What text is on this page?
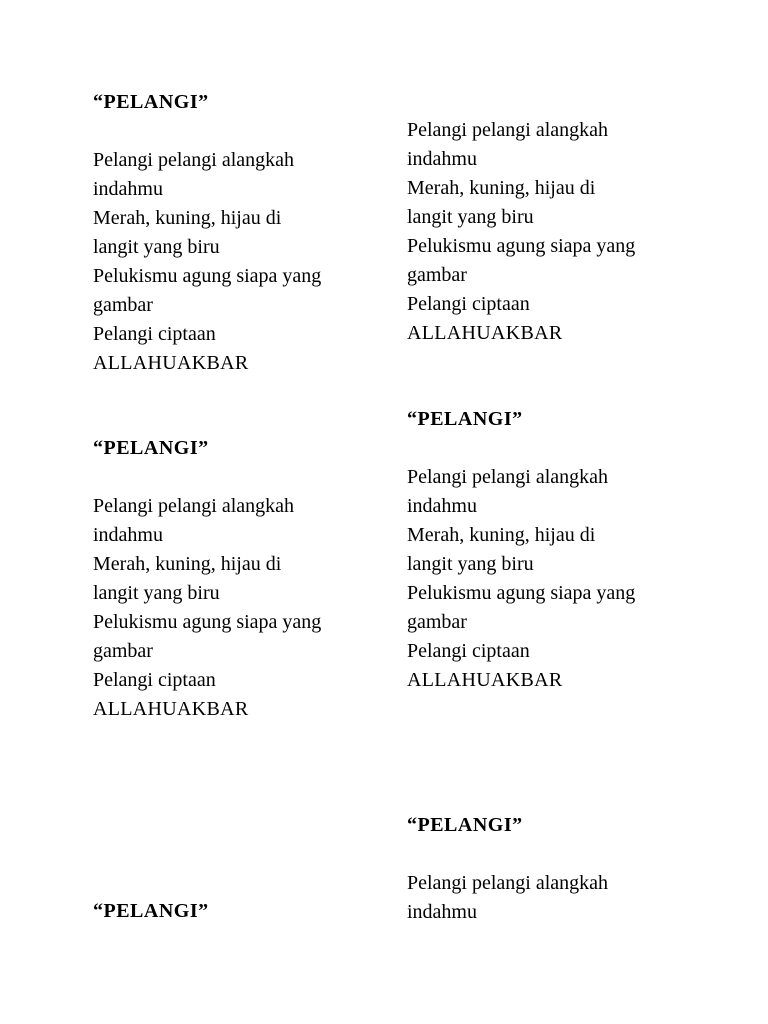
“PELANGI”
Pelangi pelangi alangkah
indahmu
Merah, kuning, hijau di
langit yang biru
Pelukismu agung siapa yang
gambar
Pelangi ciptaan
ALLAHUAKBAR
Pelangi pelangi alangkah
indahmu
Merah, kuning, hijau di
langit yang biru
Pelukismu agung siapa yang
gambar
Pelangi ciptaan
ALLAHUAKBAR
“PELANGI”
Pelangi pelangi alangkah
indahmu
Merah, kuning, hijau di
langit yang biru
Pelukismu agung siapa yang
gambar
Pelangi ciptaan
ALLAHUAKBAR
“PELANGI”
Pelangi pelangi alangkah
indahmu
Merah, kuning, hijau di
langit yang biru
Pelukismu agung siapa yang
gambar
Pelangi ciptaan
ALLAHUAKBAR
“PELANGI”
Pelangi pelangi alangkah
indahmu
“PELANGI”
